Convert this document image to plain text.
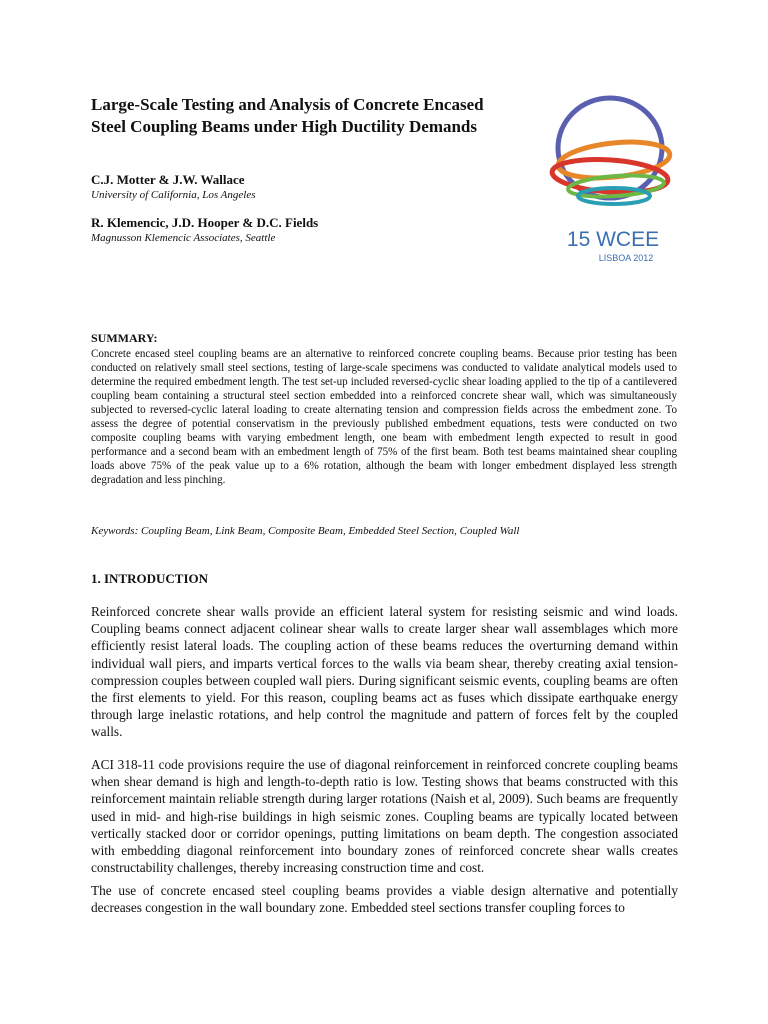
Large-Scale Testing and Analysis of Concrete Encased Steel Coupling Beams under High Ductility Demands

C.J. Motter & J.W. Wallace

University of California, Los Angeles

R. Klemencic, J.D. Hooper & D.C. Fields

Magnusson Klemencic Associates, Seattle	15 WCEE
LISBOA 2012

SUMMARY:

Concrete encased steel coupling beams are an alternative to reinforced concrete coupling beams. Because prior testing has been conducted on relatively small steel sections, testing of large-scale specimens was conducted to validate analytical models used to determine the required embedment length. The test set-up included reversed-cyclic shear loading applied to the tip of a cantilevered coupling beam containing a structural steel section embedded into a reinforced concrete shear wall, which was simultaneously subjected to reversed-cyclic lateral loading to create alternating tension and compression fields across the embedment zone. To assess the degree of potential conservatism in the previously published embedment equations, tests were conducted on two composite coupling beams with varying embedment length, one beam with embedment length expected to result in good performance and a second beam with an embedment length of 75% of the first beam. Both test beams maintained shear coupling loads above 75% of the peak value up to a 6% rotation, although the beam with longer embedment displayed less strength degradation and less pinching.

Keywords: Coupling Beam, Link Beam, Composite Beam, Embedded Steel Section, Coupled Wall

1. INTRODUCTION

Reinforced concrete shear walls provide an efficient lateral system for resisting seismic and wind loads. Coupling beams connect adjacent colinear shear walls to create larger shear wall assemblages which more efficiently resist lateral loads. The coupling action of these beams reduces the overturning demand within individual wall piers, and imparts vertical forces to the walls via beam shear, thereby creating axial tension-compression couples between coupled wall piers. During significant seismic events, coupling beams are often the first elements to yield. For this reason, coupling beams act as fuses which dissipate earthquake energy through large inelastic rotations, and help control the magnitude and pattern of forces felt by the coupled walls.

ACI 318-11 code provisions require the use of diagonal reinforcement in reinforced concrete coupling beams when shear demand is high and length-to-depth ratio is low. Testing shows that beams constructed with this reinforcement maintain reliable strength during larger rotations (Naish et al, 2009). Such beams are frequently used in mid- and high-rise buildings in high seismic zones. Coupling beams are typically located between vertically stacked door or corridor openings, putting limitations on beam depth. The congestion associated with embedding diagonal reinforcement into boundary zones of reinforced concrete shear walls creates constructability challenges, thereby increasing construction time and cost.

The use of concrete encased steel coupling beams provides a viable design alternative and potentially decreases congestion in the wall boundary zone. Embedded steel sections transfer coupling forces to
